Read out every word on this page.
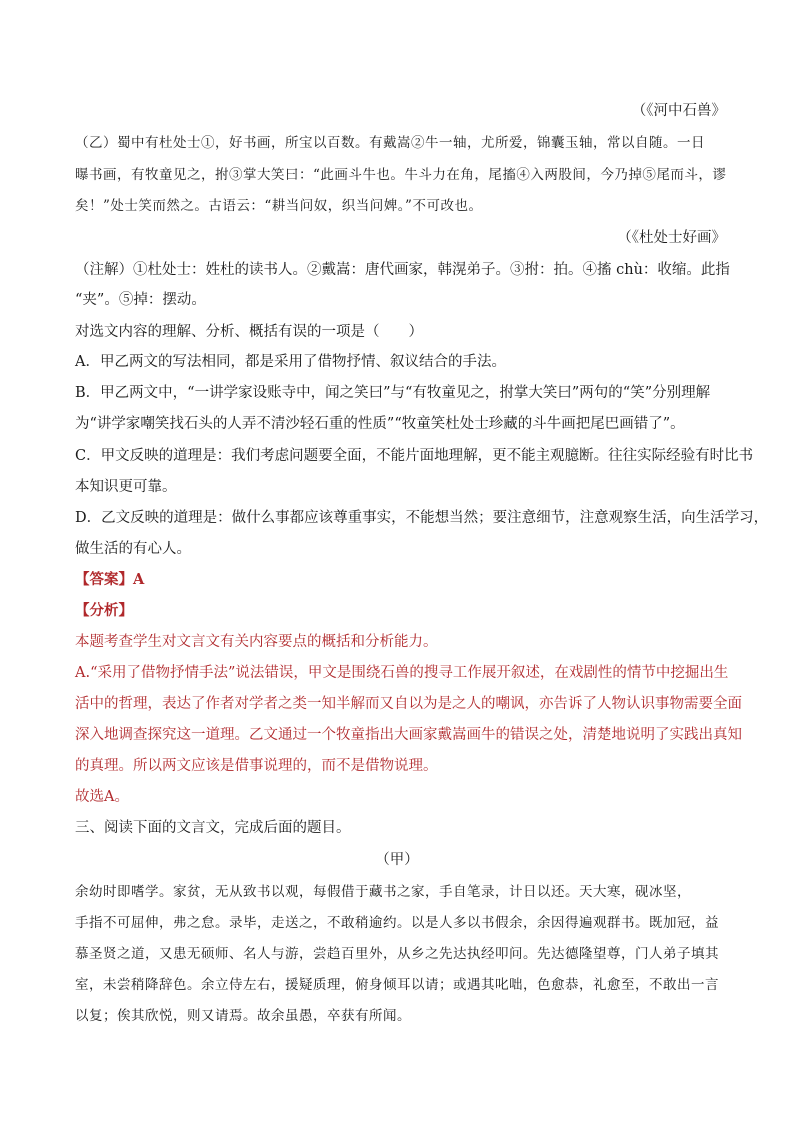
（《河中石兽》
（乙）蜀中有杜处士①，好书画，所宝以百数。有戴嵩②牛一轴，尤所爱，锦囊玉轴，常以自随。一日
曝书画，有牧童见之，拊③掌大笑曰：“此画斗牛也。牛斗力在角，尾搐④入两股间，今乃掉⑤尾而斗，谬
矣！”处士笑而然之。古语云：“耕当问奴，织当问婢。”不可改也。
（《杜处士好画》
（注解）①杜处士：姓杜的读书人。②戴嵩：唐代画家，韩滉弟子。③拊：拍。④搐 chù：收缩。此指
“夹”。⑤掉：摆动。
对选文内容的理解、分析、概括有误的一项是（　　）
A．甲乙两文的写法相同，都是采用了借物抒情、叙议结合的手法。
B．甲乙两文中，“一讲学家设账寺中，闻之笑曰”与“有牧童见之，拊掌大笑曰”两句的“笑”分别理解
为“讲学家嘲笑找石头的人弄不清沙轻石重的性质”“牧童笑杜处士珍藏的斗牛画把尾巴画错了”。
C．甲文反映的道理是：我们考虑问题要全面，不能片面地理解，更不能主观臆断。往往实际经验有时比书
本知识更可靠。
D．乙文反映的道理是：做什么事都应该尊重事实，不能想当然；要注意细节，注意观察生活，向生活学习，
做生活的有心人。
【答案】A
【分析】
本题考查学生对文言文有关内容要点的概括和分析能力。
A.“采用了借物抒情手法”说法错误，甲文是围绕石兽的搜寻工作展开叙述，在戏剧性的情节中挖掘出生
活中的哲理，表达了作者对学者之类一知半解而又自以为是之人的嘲讽，亦告诉了人物认识事物需要全面
深入地调查探究这一道理。乙文通过一个牧童指出大画家戴嵩画牛的错误之处，清楚地说明了实践出真知
的真理。所以两文应该是借事说理的，而不是借物说理。
故选A。
三、阅读下面的文言文，完成后面的题目。
（甲）
余幼时即嗜学。家贫，无从致书以观，每假借于藏书之家，手自笔录，计日以还。天大寒，砚冰坚，
手指不可屈伸，弗之怠。录毕，走送之，不敢稍逾约。以是人多以书假余，余因得遍观群书。既加冠，益
慕圣贤之道，又患无硕师、名人与游，尝趋百里外，从乡之先达执经叩问。先达德隆望尊，门人弟子填其
室，未尝稍降辞色。余立侍左右，援疑质理，俯身倾耳以请；或遇其叱咄，色愈恭，礼愈至，不敢出一言
以复；俟其欣悦，则又请焉。故余虽愚，卒获有所闻。
